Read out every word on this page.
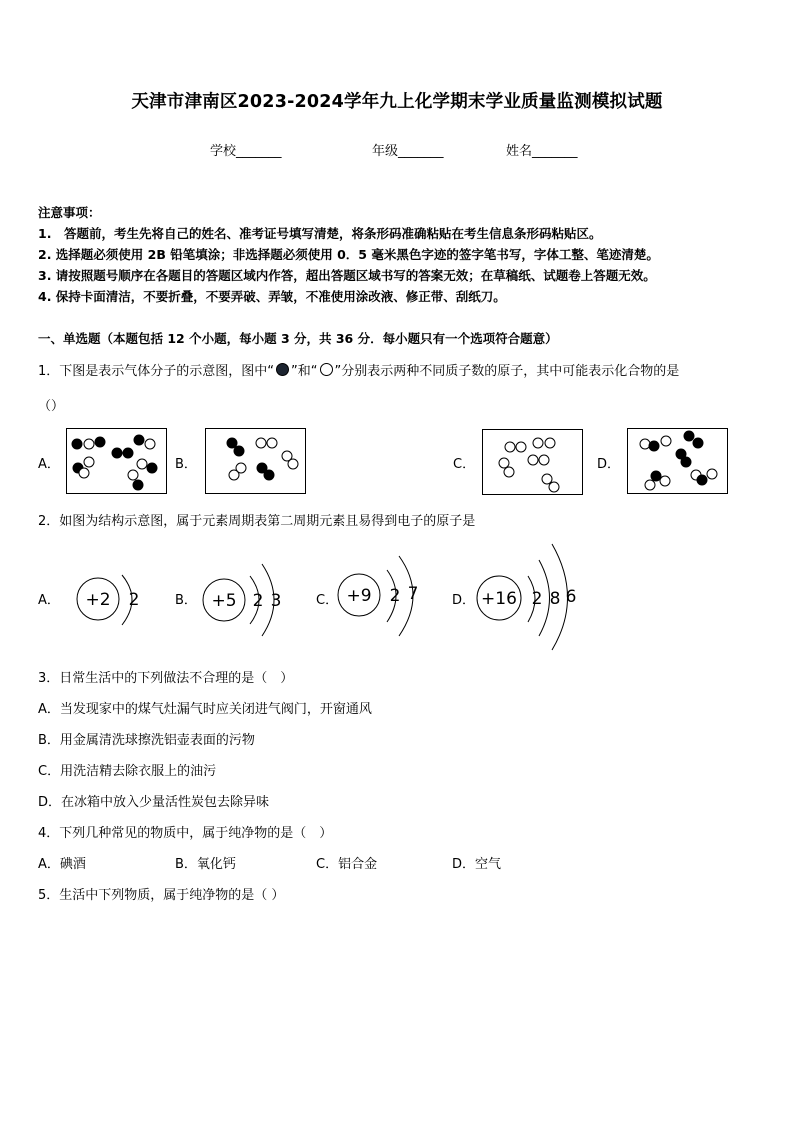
天津市津南区2023-2024学年九上化学期末学业质量监测模拟试题
学校_______	年级_______	姓名_______
注意事项：
1.　答题前，考生先将自己的姓名、准考证号填写清楚，将条形码准确粘贴在考生信息条形码粘贴区。
2. 选择题必须使用 2B 铅笔填涂；非选择题必须使用 0．5 毫米黑色字迹的签字笔书写，字体工整、笔迹清楚。
3. 请按照题号顺序在各题目的答题区域内作答，超出答题区域书写的答案无效；在草稿纸、试题卷上答题无效。
4. 保持卡面清洁，不要折叠，不要弄破、弄皱，不准使用涂改液、修正带、刮纸刀。
一、单选题（本题包括 12 个小题，每小题 3 分，共 36 分．每小题只有一个选项符合题意）
1．下图是表示气体分子的示意图，图中“ ”和“ ”分别表示两种不同质子数的原子，其中可能表示化合物的是
（）
A．	B．	C．	D．
2．如图为结构示意图，属于元素周期表第二周期元素且易得到电子的原子是
A．	B．	C．	D．
+2 2	+5 2 3	+9 2 7	+16 2 8 6
3．日常生活中的下列做法不合理的是（　）
A．当发现家中的煤气灶漏气时应关闭进气阀门，开窗通风
B．用金属清洗球擦洗铝壶表面的污物
C．用洗洁精去除衣服上的油污
D．在冰箱中放入少量活性炭包去除异味
4．下列几种常见的物质中，属于纯净物的是（　）
A．碘酒	B．氧化钙	C．铝合金	D．空气
5．生活中下列物质，属于纯净物的是（ ）
